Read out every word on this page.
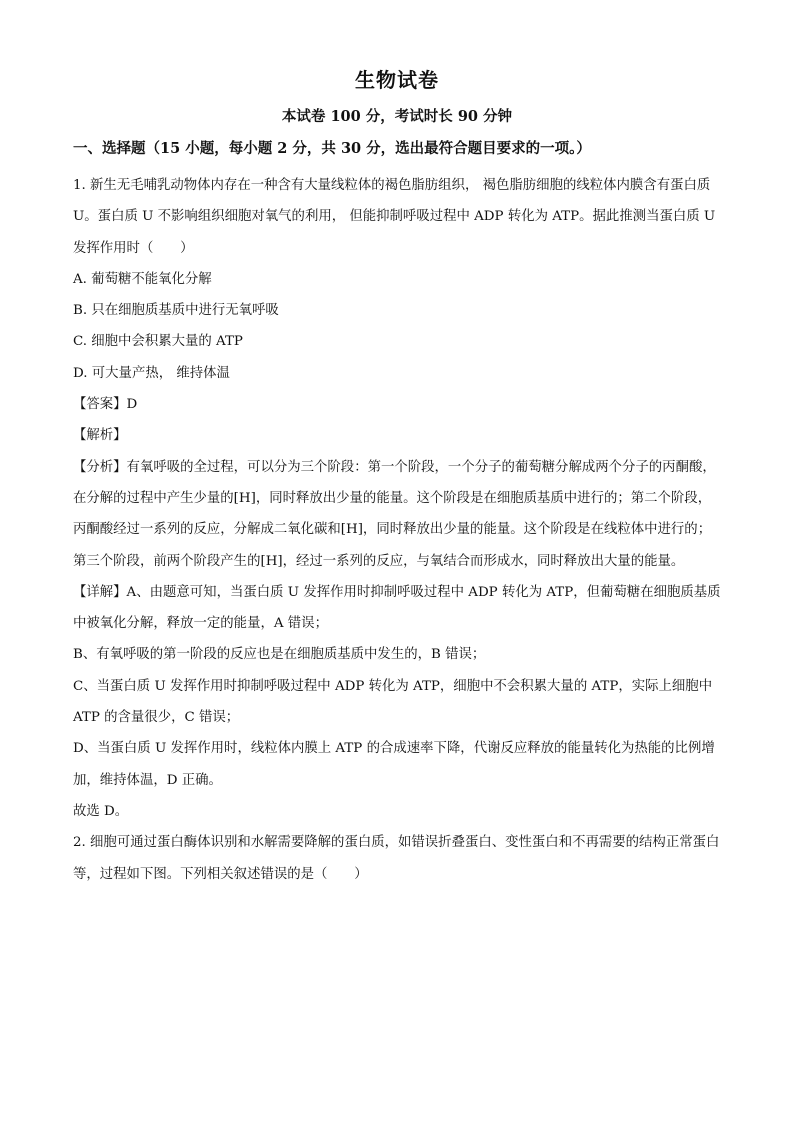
生物试卷
本试卷 100 分，考试时长 90 分钟
一、选择题（15 小题，每小题 2 分，共 30 分，选出最符合题目要求的一项。）

1. 新生无毛哺乳动物体内存在一种含有大量线粒体的褐色脂肪组织， 褐色脂肪细胞的线粒体内膜含有蛋白质 U。蛋白质 U 不影响组织细胞对氧气的利用， 但能抑制呼吸过程中 ADP 转化为 ATP。据此推测当蛋白质 U 发挥作用时（　　）

A. 葡萄糖不能氧化分解

B. 只在细胞质基质中进行无氧呼吸

C. 细胞中会积累大量的 ATP

D. 可大量产热， 维持体温

【答案】D

【解析】

【分析】有氧呼吸的全过程，可以分为三个阶段：第一个阶段，一个分子的葡萄糖分解成两个分子的丙酮酸，在分解的过程中产生少量的[H]，同时释放出少量的能量。这个阶段是在细胞质基质中进行的；第二个阶段，丙酮酸经过一系列的反应，分解成二氧化碳和[H]，同时释放出少量的能量。这个阶段是在线粒体中进行的；第三个阶段，前两个阶段产生的[H]，经过一系列的反应，与氧结合而形成水，同时释放出大量的能量。

【详解】A、由题意可知，当蛋白质 U 发挥作用时抑制呼吸过程中 ADP 转化为 ATP，但葡萄糖在细胞质基质中被氧化分解，释放一定的能量，A 错误；

B、有氧呼吸的第一阶段的反应也是在细胞质基质中发生的，B 错误；

C、当蛋白质 U 发挥作用时抑制呼吸过程中 ADP 转化为 ATP，细胞中不会积累大量的 ATP，实际上细胞中 ATP 的含量很少，C 错误；

D、当蛋白质 U 发挥作用时，线粒体内膜上 ATP 的合成速率下降，代谢反应释放的能量转化为热能的比例增加，维持体温，D 正确。

故选 D。

2. 细胞可通过蛋白酶体识别和水解需要降解的蛋白质，如错误折叠蛋白、变性蛋白和不再需要的结构正常蛋白等，过程如下图。下列相关叙述错误的是（　　）
